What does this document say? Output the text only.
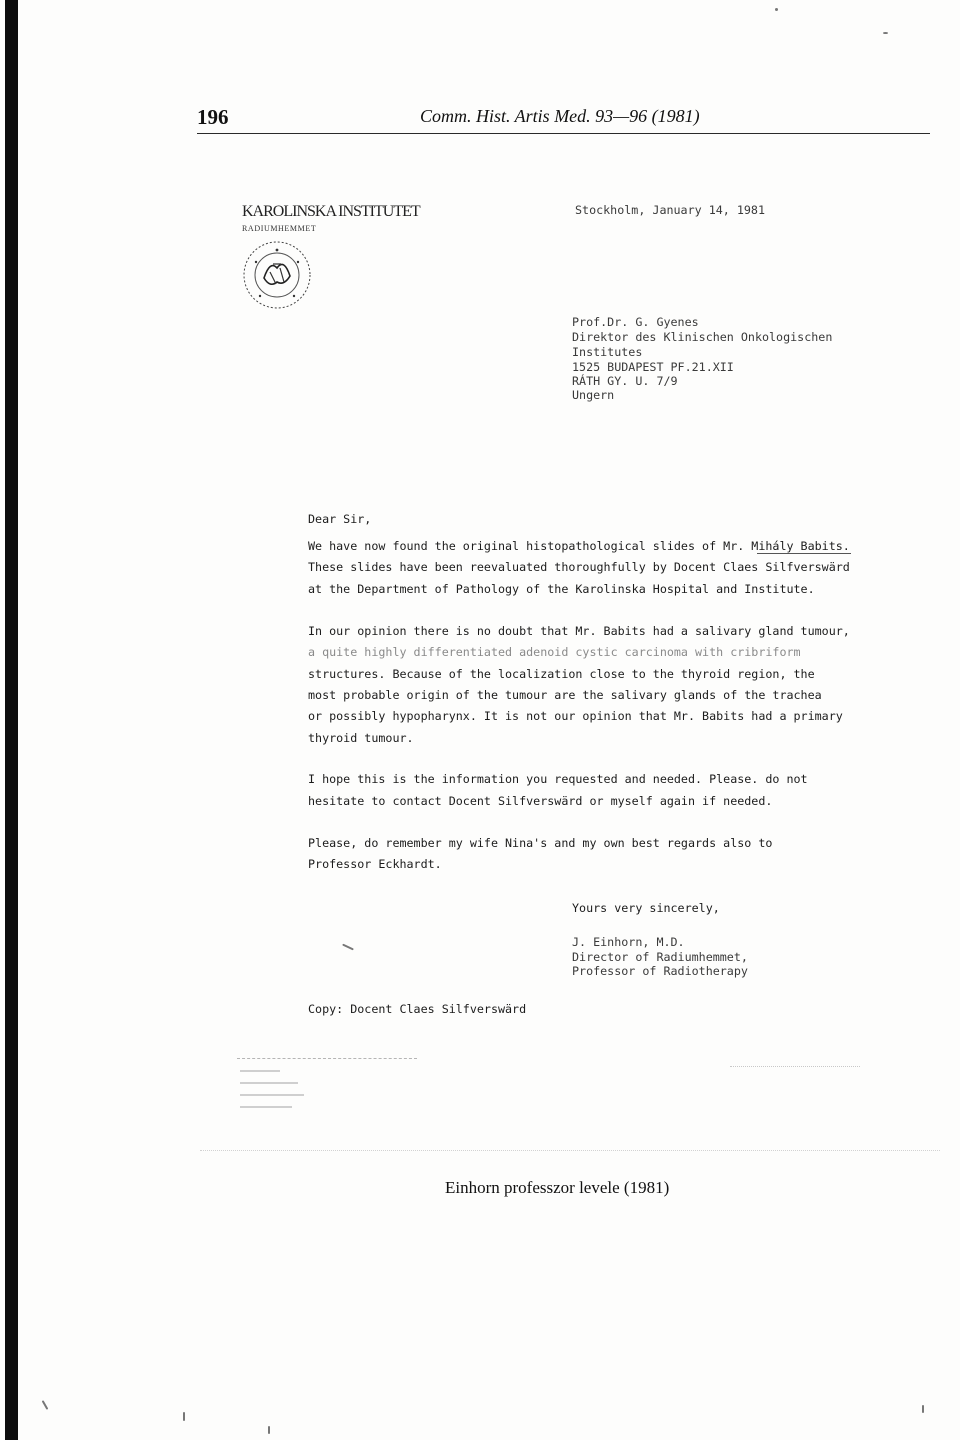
196	Comm. Hist. Artis Med. 93—96 (1981)
KAROLINSKA INSTITUTET
RADIUMHEMMET
Stockholm, January 14, 1981
Prof.Dr. G. Gyenes
Direktor des Klinischen Onkologischen
Institutes
1525 BUDAPEST PF.21.XII
RÁTH GY. U. 7/9
Ungern
Dear Sir,
We have now found the original histopathological slides of Mr. Mihály Babits.
These slides have been reevaluated thoroughfully by Docent Claes Silfverswärd
at the Department of Pathology of the Karolinska Hospital and Institute.
In our opinion there is no doubt that Mr. Babits had a salivary gland tumour,
a quite highly differentiated adenoid cystic carcinoma with cribriform
structures. Because of the localization close to the thyroid region, the
most probable origin of the tumour are the salivary glands of the trachea
or possibly hypopharynx. It is not our opinion that Mr. Babits had a primary
thyroid tumour.
I hope this is the information you requested and needed. Please. do not
hesitate to contact Docent Silfverswärd or myself again if needed.
Please, do remember my wife Nina's and my own best regards also to
Professor Eckhardt.
Yours very sincerely,
J. Einhorn, M.D.
Director of Radiumhemmet,
Professor of Radiotherapy
Copy: Docent Claes Silfverswärd
Einhorn professzor levele (1981)
